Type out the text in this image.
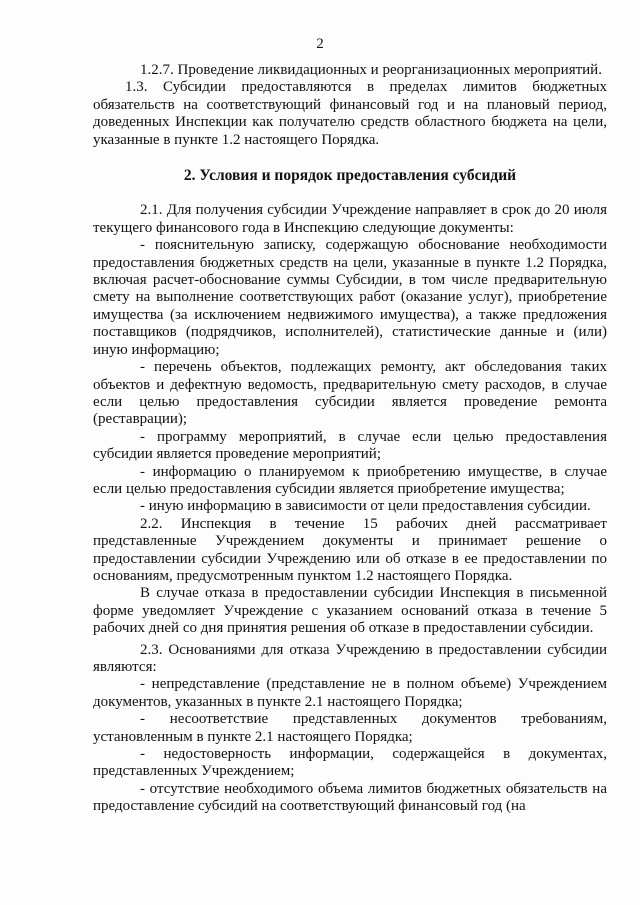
2

1.2.7. Проведение ликвидационных и реорганизационных мероприятий.

1.3. Субсидии предоставляются в пределах лимитов бюджетных обязательств на соответствующий финансовый год и на плановый период, доведенных Инспекции как получателю средств областного бюджета на цели, указанные в пункте 1.2 настоящего Порядка.

2. Условия и порядок предоставления субсидий

2.1. Для получения субсидии Учреждение направляет в срок до 20 июля текущего финансового года в Инспекцию следующие документы:

- пояснительную записку, содержащую обоснование необходимости предоставления бюджетных средств на цели, указанные в пункте 1.2 Порядка, включая расчет-обоснование суммы Субсидии, в том числе предварительную смету на выполнение соответствующих работ (оказание услуг), приобретение имущества (за исключением недвижимого имущества), а также предложения поставщиков (подрядчиков, исполнителей), статистические данные и (или) иную информацию;

- перечень объектов, подлежащих ремонту, акт обследования таких объектов и дефектную ведомость, предварительную смету расходов, в случае если целью предоставления субсидии является проведение ремонта (реставрации);

- программу мероприятий, в случае если целью предоставления субсидии является проведение мероприятий;

- информацию о планируемом к приобретению имуществе, в случае если целью предоставления субсидии является приобретение имущества;

- иную информацию в зависимости от цели предоставления субсидии.

2.2. Инспекция в течение 15 рабочих дней рассматривает представленные Учреждением документы и принимает решение о предоставлении субсидии Учреждению или об отказе в ее предоставлении по основаниям, предусмотренным пунктом 1.2 настоящего Порядка.

В случае отказа в предоставлении субсидии Инспекция в письменной форме уведомляет Учреждение с указанием оснований отказа в течение 5 рабочих дней со дня принятия решения об отказе в предоставлении субсидии.

2.3. Основаниями для отказа Учреждению в предоставлении субсидии являются:

- непредставление (представление не в полном объеме) Учреждением документов, указанных в пункте 2.1 настоящего Порядка;

- несоответствие представленных документов требованиям, установленным в пункте 2.1 настоящего Порядка;

- недостоверность информации, содержащейся в документах, представленных Учреждением;

- отсутствие необходимого объема лимитов бюджетных обязательств на предоставление субсидий на соответствующий финансовый год (на
